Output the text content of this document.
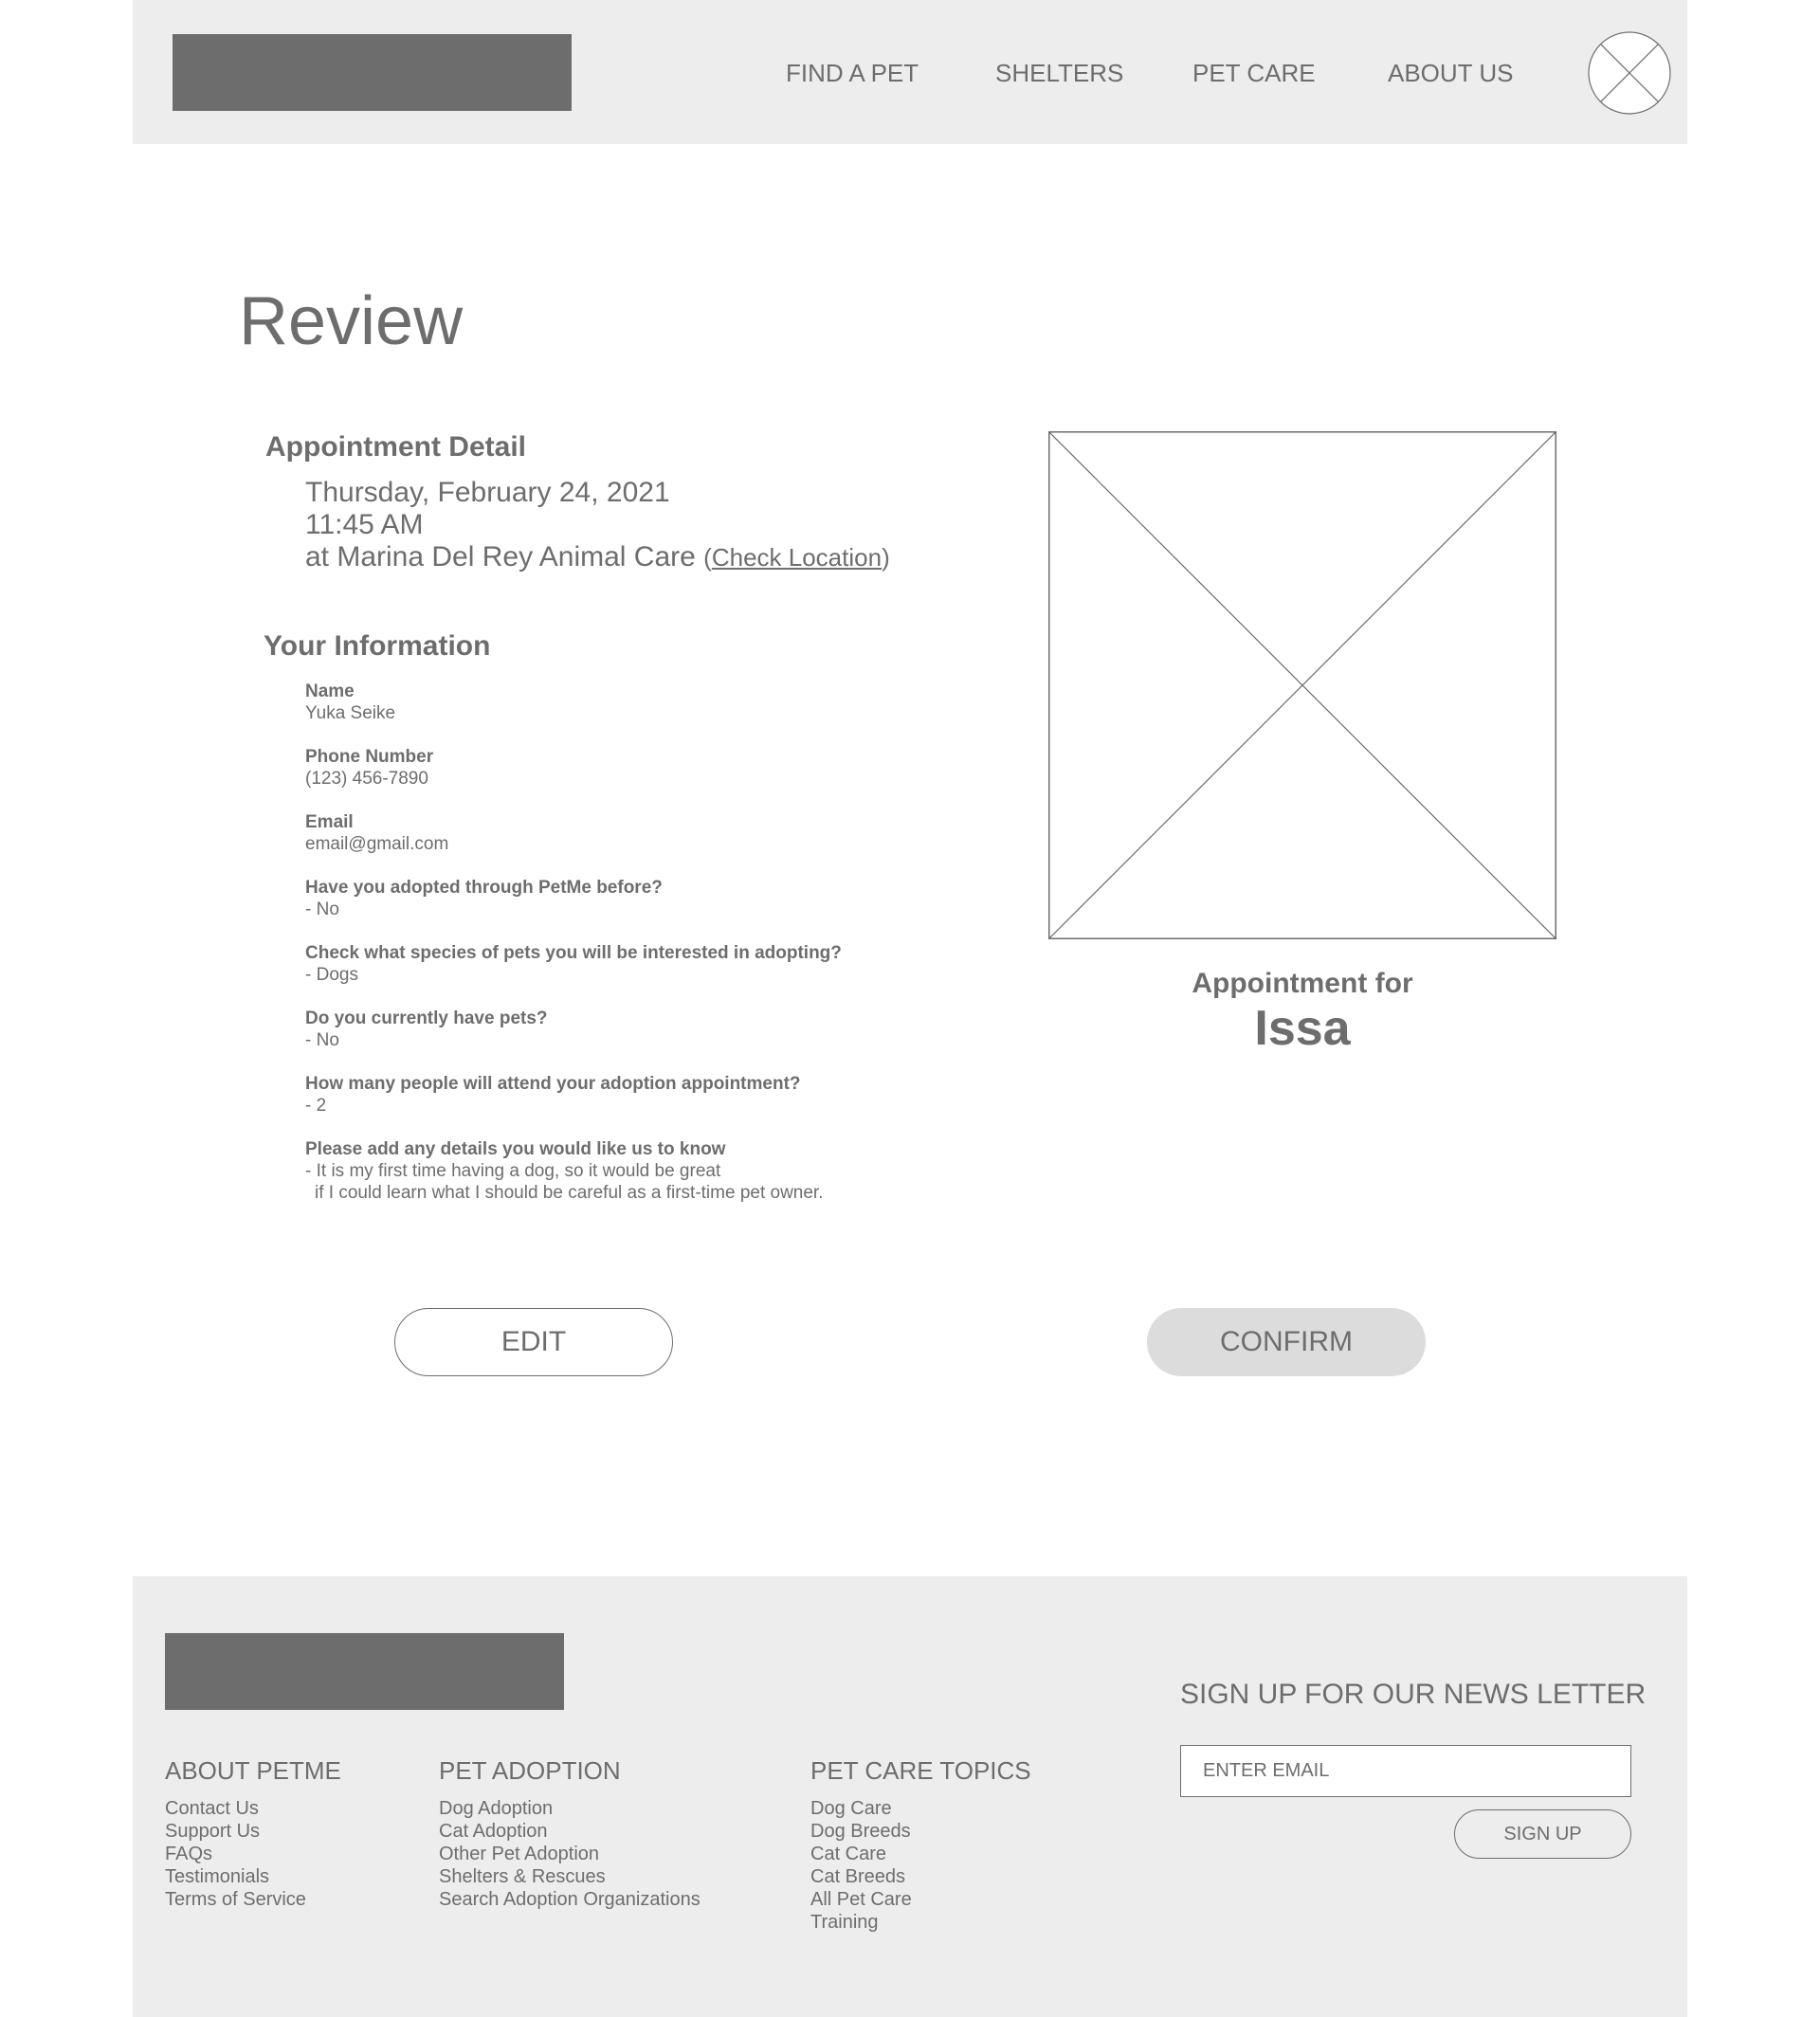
FIND A PET	SHELTERS	PET CARE	ABOUT US
Review
Appointment Detail
Thursday, February 24, 2021
11:45 AM
at Marina Del Rey Animal Care (Check Location)
Your Information
Name
Yuka Seike
Phone Number
(123) 456-7890
Email
email@gmail.com
Have you adopted through PetMe before?
- No
Check what species of pets you will be interested in adopting?
- Dogs
Do you currently have pets?
- No
How many people will attend your adoption appointment?
- 2
Please add any details you would like us to know
- It is my first time having a dog, so it would be great
if I could learn what I should be careful as a first-time pet owner.
Appointment for
Issa
EDIT	CONFIRM
ABOUT PETME
Contact Us
Support Us
FAQs
Testimonials
Terms of Service
PET ADOPTION
Dog Adoption
Cat Adoption
Other Pet Adoption
Shelters & Rescues
Search Adoption Organizations
PET CARE TOPICS
Dog Care
Dog Breeds
Cat Care
Cat Breeds
All Pet Care
Training
SIGN UP FOR OUR NEWS LETTER
ENTER EMAIL
SIGN UP
